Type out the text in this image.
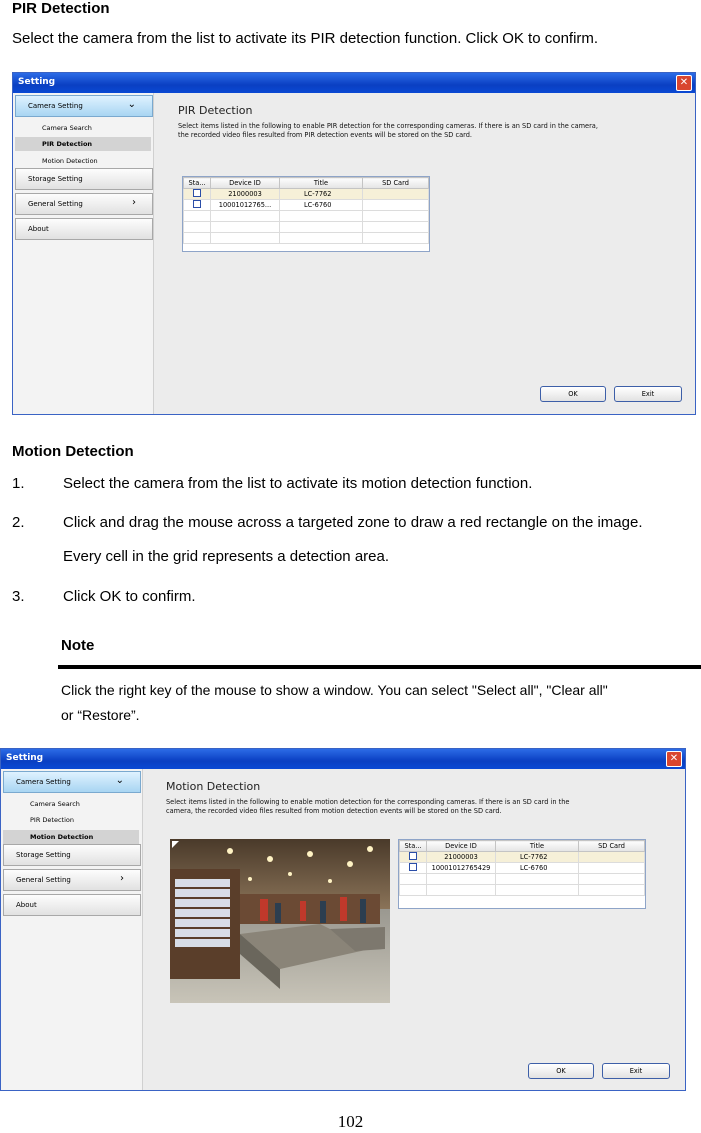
PIR Detection
Select the camera from the list to activate its PIR detection function. Click OK to confirm.
Setting	✕
Camera Setting	⌄
Camera Search
PIR Detection
Motion Detection
Storage Setting
General Setting	›
About
PIR Detection
Select items listed in the following to enable PIR detection for the corresponding cameras. If there is an SD card in the camera,
the recorded video files resulted from PIR detection events will be stored on the SD card.
Sta...	Device ID	Title	SD Card
	21000003	LC-7762	
	10001012765...	LC-6760	

OK	Exit
Motion Detection
1.	Select the camera from the list to activate its motion detection function.
2.	Click and drag the mouse across a targeted zone to draw a red rectangle on the image.
Every cell in the grid represents a detection area.
3.	Click OK to confirm.
Note
Click the right key of the mouse to show a window. You can select "Select all", "Clear all"
or “Restore”.
Setting	✕
Camera Setting	⌄
Camera Search
PIR Detection
Motion Detection
Storage Setting
General Setting	›
About
Motion Detection
Select items listed in the following to enable motion detection for the corresponding cameras. If there is an SD card in the
camera, the recorded video files resulted from motion detection events will be stored on the SD card.
Sta...	Device ID	Title	SD Card
	21000003	LC-7762	
	10001012765429	LC-6760	

OK	Exit
102
